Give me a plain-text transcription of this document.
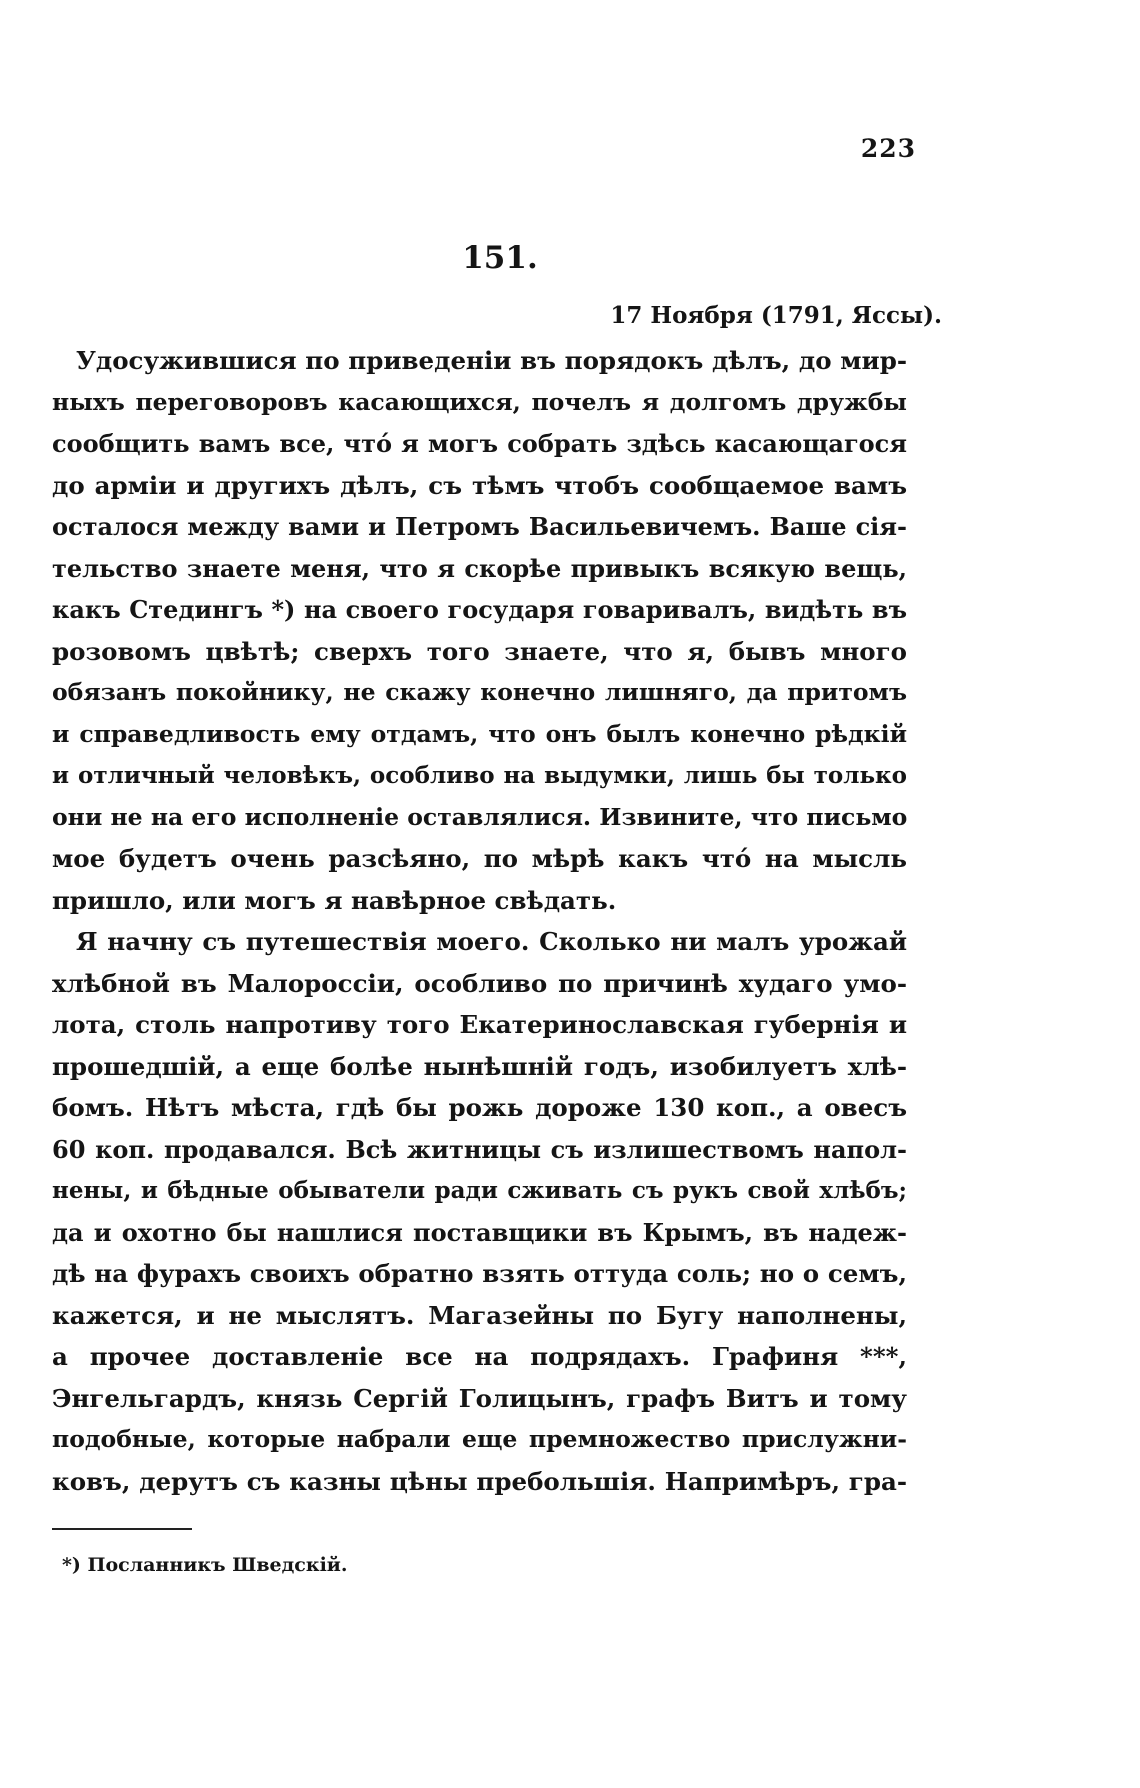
223
151.
17 Ноября (1791, Яссы).
Удосужившися по приведеніи въ порядокъ дѣлъ, до мир-
ныхъ переговоровъ касающихся, почелъ я долгомъ дружбы
сообщить вамъ все, чтó я могъ собрать здѣсь касающагося
до арміи и другихъ дѣлъ, съ тѣмъ чтобъ сообщаемое вамъ
осталося между вами и Петромъ Васильевичемъ. Ваше сія-
тельство знаете меня, что я скорѣе привыкъ всякую вещь,
какъ Стедингъ *) на своего государя говаривалъ, видѣть въ
розовомъ цвѣтѣ; сверхъ того знаете, что я, бывъ много
обязанъ покойнику, не скажу конечно лишняго, да притомъ
и справедливость ему отдамъ, что онъ былъ конечно рѣдкій
и отличный человѣкъ, особливо на выдумки, лишь бы только
они не на его исполненіе оставлялися. Извините, что письмо
мое будетъ очень разсѣяно, по мѣрѣ какъ чтó на мысль
пришло, или могъ я навѣрное свѣдать.
Я начну съ путешествія моего. Сколько ни малъ урожай
хлѣбной въ Малороссіи, особливо по причинѣ худаго умо-
лота, столь напротиву того Екатеринославская губернія и
прошедшій, а еще болѣе нынѣшній годъ, изобилуетъ хлѣ-
бомъ. Нѣтъ мѣста, гдѣ бы рожь дороже 130 коп., а овесъ
60 коп. продавался. Всѣ житницы съ излишествомъ напол-
нены, и бѣдные обыватели ради сживать съ рукъ свой хлѣбъ;
да и охотно бы нашлися поставщики въ Крымъ, въ надеж-
дѣ на фурахъ своихъ обратно взять оттуда соль; но о семъ,
кажется, и не мыслятъ. Магазейны по Бугу наполнены,
а прочее доставленіе все на подрядахъ. Графиня ***,
Энгельгардъ, князь Сергій Голицынъ, графъ Витъ и тому
подобные, которые набрали еще премножество прислужни-
ковъ, дерутъ съ казны цѣны пребольшія. Напримѣръ, гра-
*) Посланникъ Шведскій.
